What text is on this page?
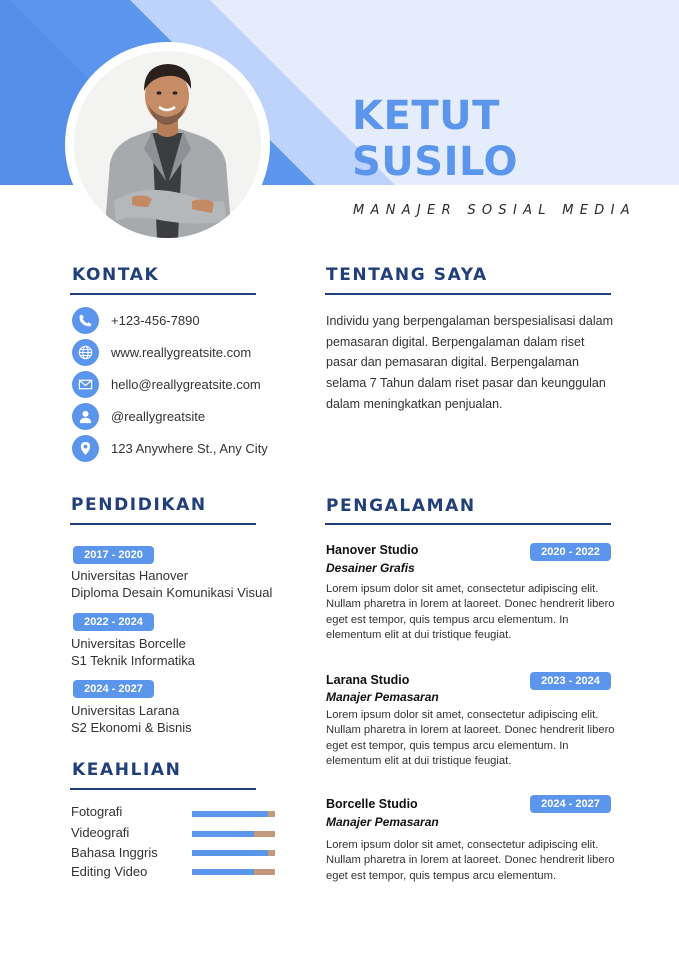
KETUT
SUSILO
MANAJER SOSIAL MEDIA
KONTAK
+123-456-7890
www.reallygreatsite.com
hello@reallygreatsite.com
@reallygreatsite
123 Anywhere St., Any City
TENTANG SAYA

Individu yang berpengalaman berspesialisasi dalam pemasaran digital. Berpengalaman dalam riset pasar dan pemasaran digital. Berpengalaman selama 7 Tahun dalam riset pasar dan keunggulan dalam meningkatkan penjualan.

PENDIDIKAN
2017 - 2020
Universitas Hanover
Diploma Desain Komunikasi Visual
2022 - 2024
Universitas Borcelle
S1 Teknik Informatika
2024 - 2027
Universitas Larana
S2 Ekonomi & Bisnis
KEAHLIAN
Fotografi
Videografi
Bahasa Inggris
Editing Video
PENGALAMAN
Hanover Studio	2020 - 2022
Desainer Grafis

Lorem ipsum dolor sit amet, consectetur adipiscing elit. Nullam pharetra in lorem at laoreet. Donec hendrerit libero eget est tempor, quis tempus arcu elementum. In elementum elit at dui tristique feugiat.

Larana Studio	2023 - 2024
Manajer Pemasaran

Lorem ipsum dolor sit amet, consectetur adipiscing elit. Nullam pharetra in lorem at laoreet. Donec hendrerit libero eget est tempor, quis tempus arcu elementum. In elementum elit at dui tristique feugiat.

Borcelle Studio	2024 - 2027
Manajer Pemasaran

Lorem ipsum dolor sit amet, consectetur adipiscing elit. Nullam pharetra in lorem at laoreet. Donec hendrerit libero eget est tempor, quis tempus arcu elementum.
